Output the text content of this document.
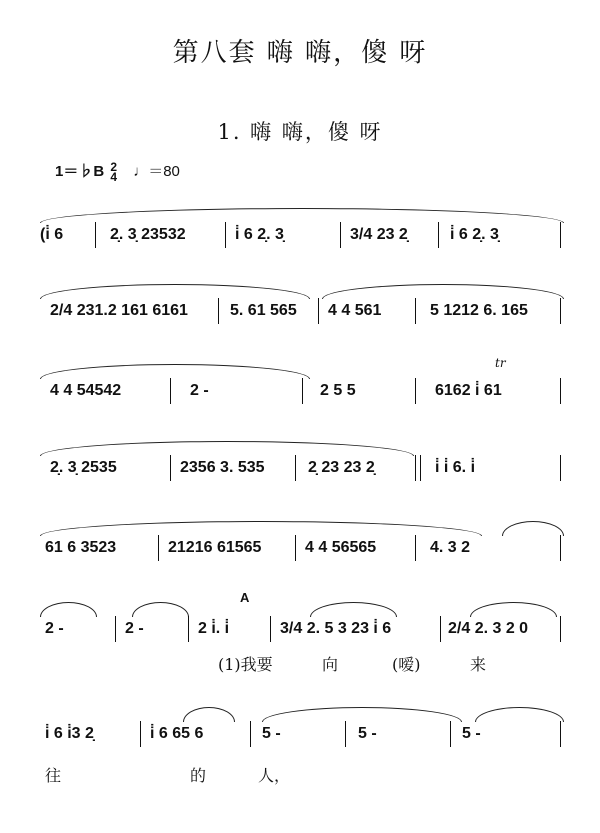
第八套 嗨 嗨，傻 呀
1. 嗨 嗨，傻 呀
1＝♭B 2
4 ♩＝80
(i̇ 6	2̣. 3̣ 23532	i̇ 6 2̣. 3̣	3/4 23 2̣	i̇ 6 2̣. 3̣
2/4 231.2 161 6161	5. 61 565 4 4 561	5 1212 6. 165
4 4 54542	2 -	2 5 5	6162 i̇ 61
tr
2̣. 3̣ 2535	2356 3. 535	2̣ 23 23 2̣	i̇ i̇ 6. i̇
61 6 3523	21216 61565	4 4 56565	4. 3 2
A
2 -	2 -	2 i̇. i̇	3/4 2. 5 3 23 i̇ 6	2/4 2. 3 2 0
(1)我要	向	(嗳)	来
i̇ 6 i̇3 2̣	i̇ 6 65 6	5 -	5 -	5 -
往	的	人，
